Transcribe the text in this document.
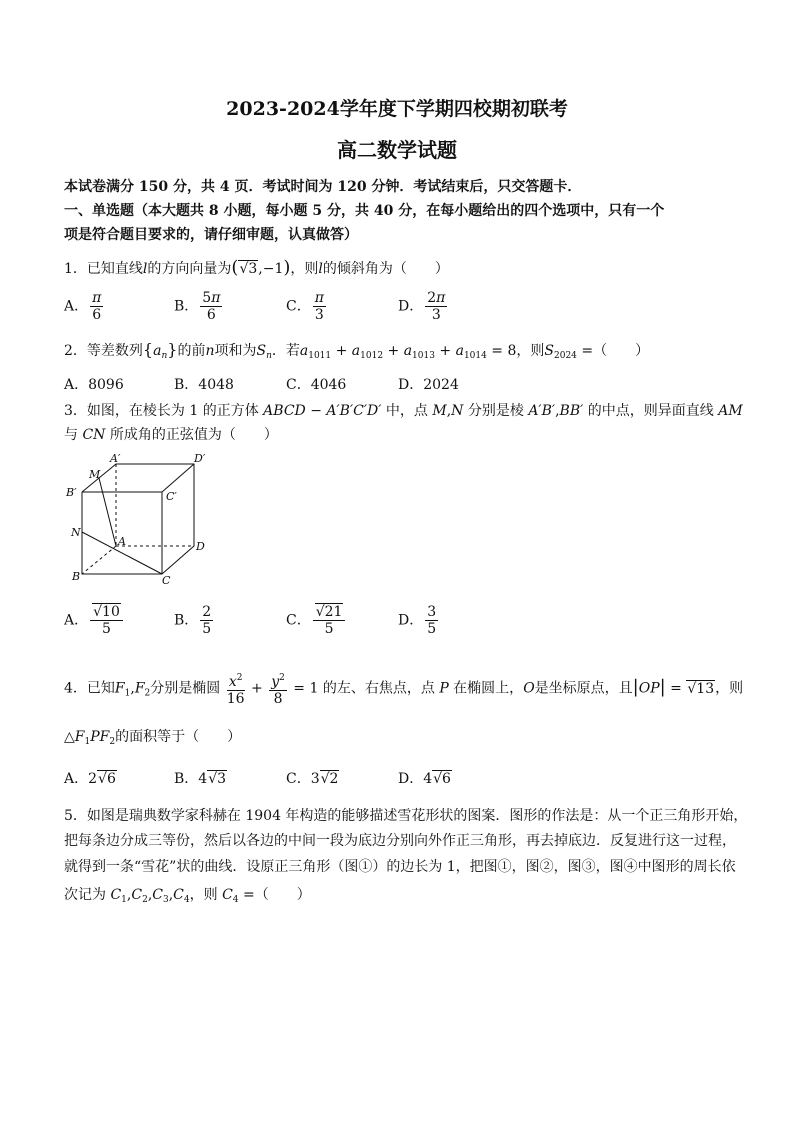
2023-2024学年度下学期四校期初联考
高二数学试题
本试卷满分 150 分，共 4 页．考试时间为 120 分钟．考试结束后，只交答题卡．
一、单选题（本大题共 8 小题，每小题 5 分，共 40 分，在每小题给出的四个选项中，只有一个
项是符合题目要求的，请仔细审题，认真做答）
1．已知直线l的方向向量为(√3,−1)，则l的倾斜角为（　　）
A． $\frac{\pi}{6}$	B． $\frac{5\pi}{6}$	C． $\frac{\pi}{3}$	D． $\frac{2\pi}{3}$
2．等差数列$\{a_n\}$的前n项和为$S_n$．若$a_{1011} + a_{1012} + a_{1013} + a_{1014} = 8$，则$S_{2024}$ =（　　）
A．8096	B．4048	C．4046	D．2024
3．如图，在棱长为 1 的正方体 ABCD − A′B′C′D′ 中，点 M,N 分别是棱 A′B′,BB′ 的中点，则异面直线 AM
与 CN 所成角的正弦值为（　　）
M
A′	D′
B′	C′
N
A	D
B	C
A． $\frac{√10}{5}$	B． $\frac{2}{5}$	C． $\frac{√21}{5}$	D． $\frac{3}{5}$
4．已知$F_1,F_2$分别是椭圆 $\frac{x^2}{16} + \frac{y^2}{8} = 1$ 的左、右焦点，点 P 在椭圆上，O是坐标原点，且|OP| = √13，则
$\triangle F_1PF_2$的面积等于（　　）
A．2√6	B．4√3	C．3√2	D．4√6
5．如图是瑞典数学家科赫在 1904 年构造的能够描述雪花形状的图案．图形的作法是：从一个正三角形开始，
把每条边分成三等份，然后以各边的中间一段为底边分别向外作正三角形，再去掉底边．反复进行这一过程，
就得到一条“雪花”状的曲线．设原正三角形（图①）的边长为 1，把图①，图②，图③，图④中图形的周长依
次记为 $C_1,C_2,C_3,C_4$，则 $C_4$ =（　　）
